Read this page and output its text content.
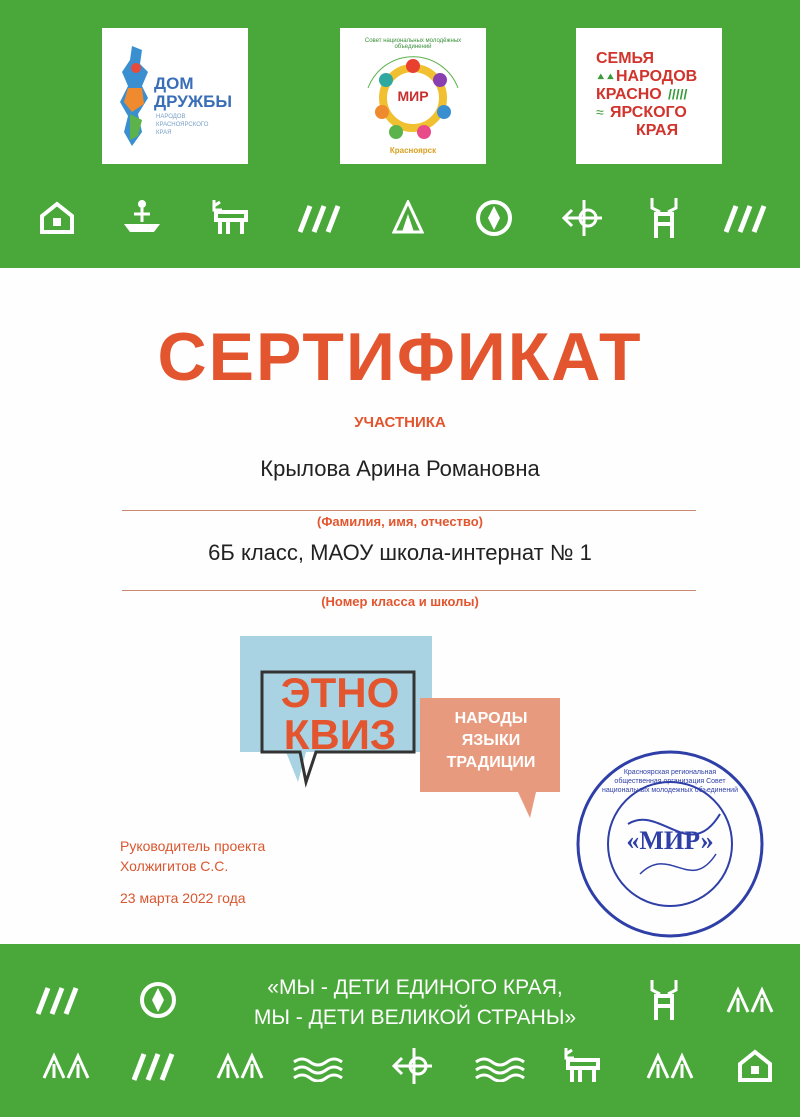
ДОМ
ДРУЖБЫ
НАРОДОВ
КРАСНОЯРСКОГО
КРАЯ
МИР
Совет национальных молодёжных объединений
Красноярск
СЕМЬЯ
⯅⯅ НАРОДОВ
КРАСНО /////
≈ ЯРСКОГО
КРАЯ
СЕРТИФИКАТ
УЧАСТНИКА
Крылова Арина Романовна
(Фамилия, имя, отчество)
6Б класс, МАОУ школа-интернат № 1
(Номер класса и школы)
ЭТНО
КВИЗ	НАРОДЫ
ЯЗЫКИ
ТРАДИЦИИ
Руководитель проекта
Холжигитов С.С.
23 марта 2022 года
«МИР»
Красноярская региональная общественная организация Совет национальных молодежных объединений
«МЫ - ДЕТИ ЕДИНОГО КРАЯ,
МЫ - ДЕТИ ВЕЛИКОЙ СТРАНЫ»
